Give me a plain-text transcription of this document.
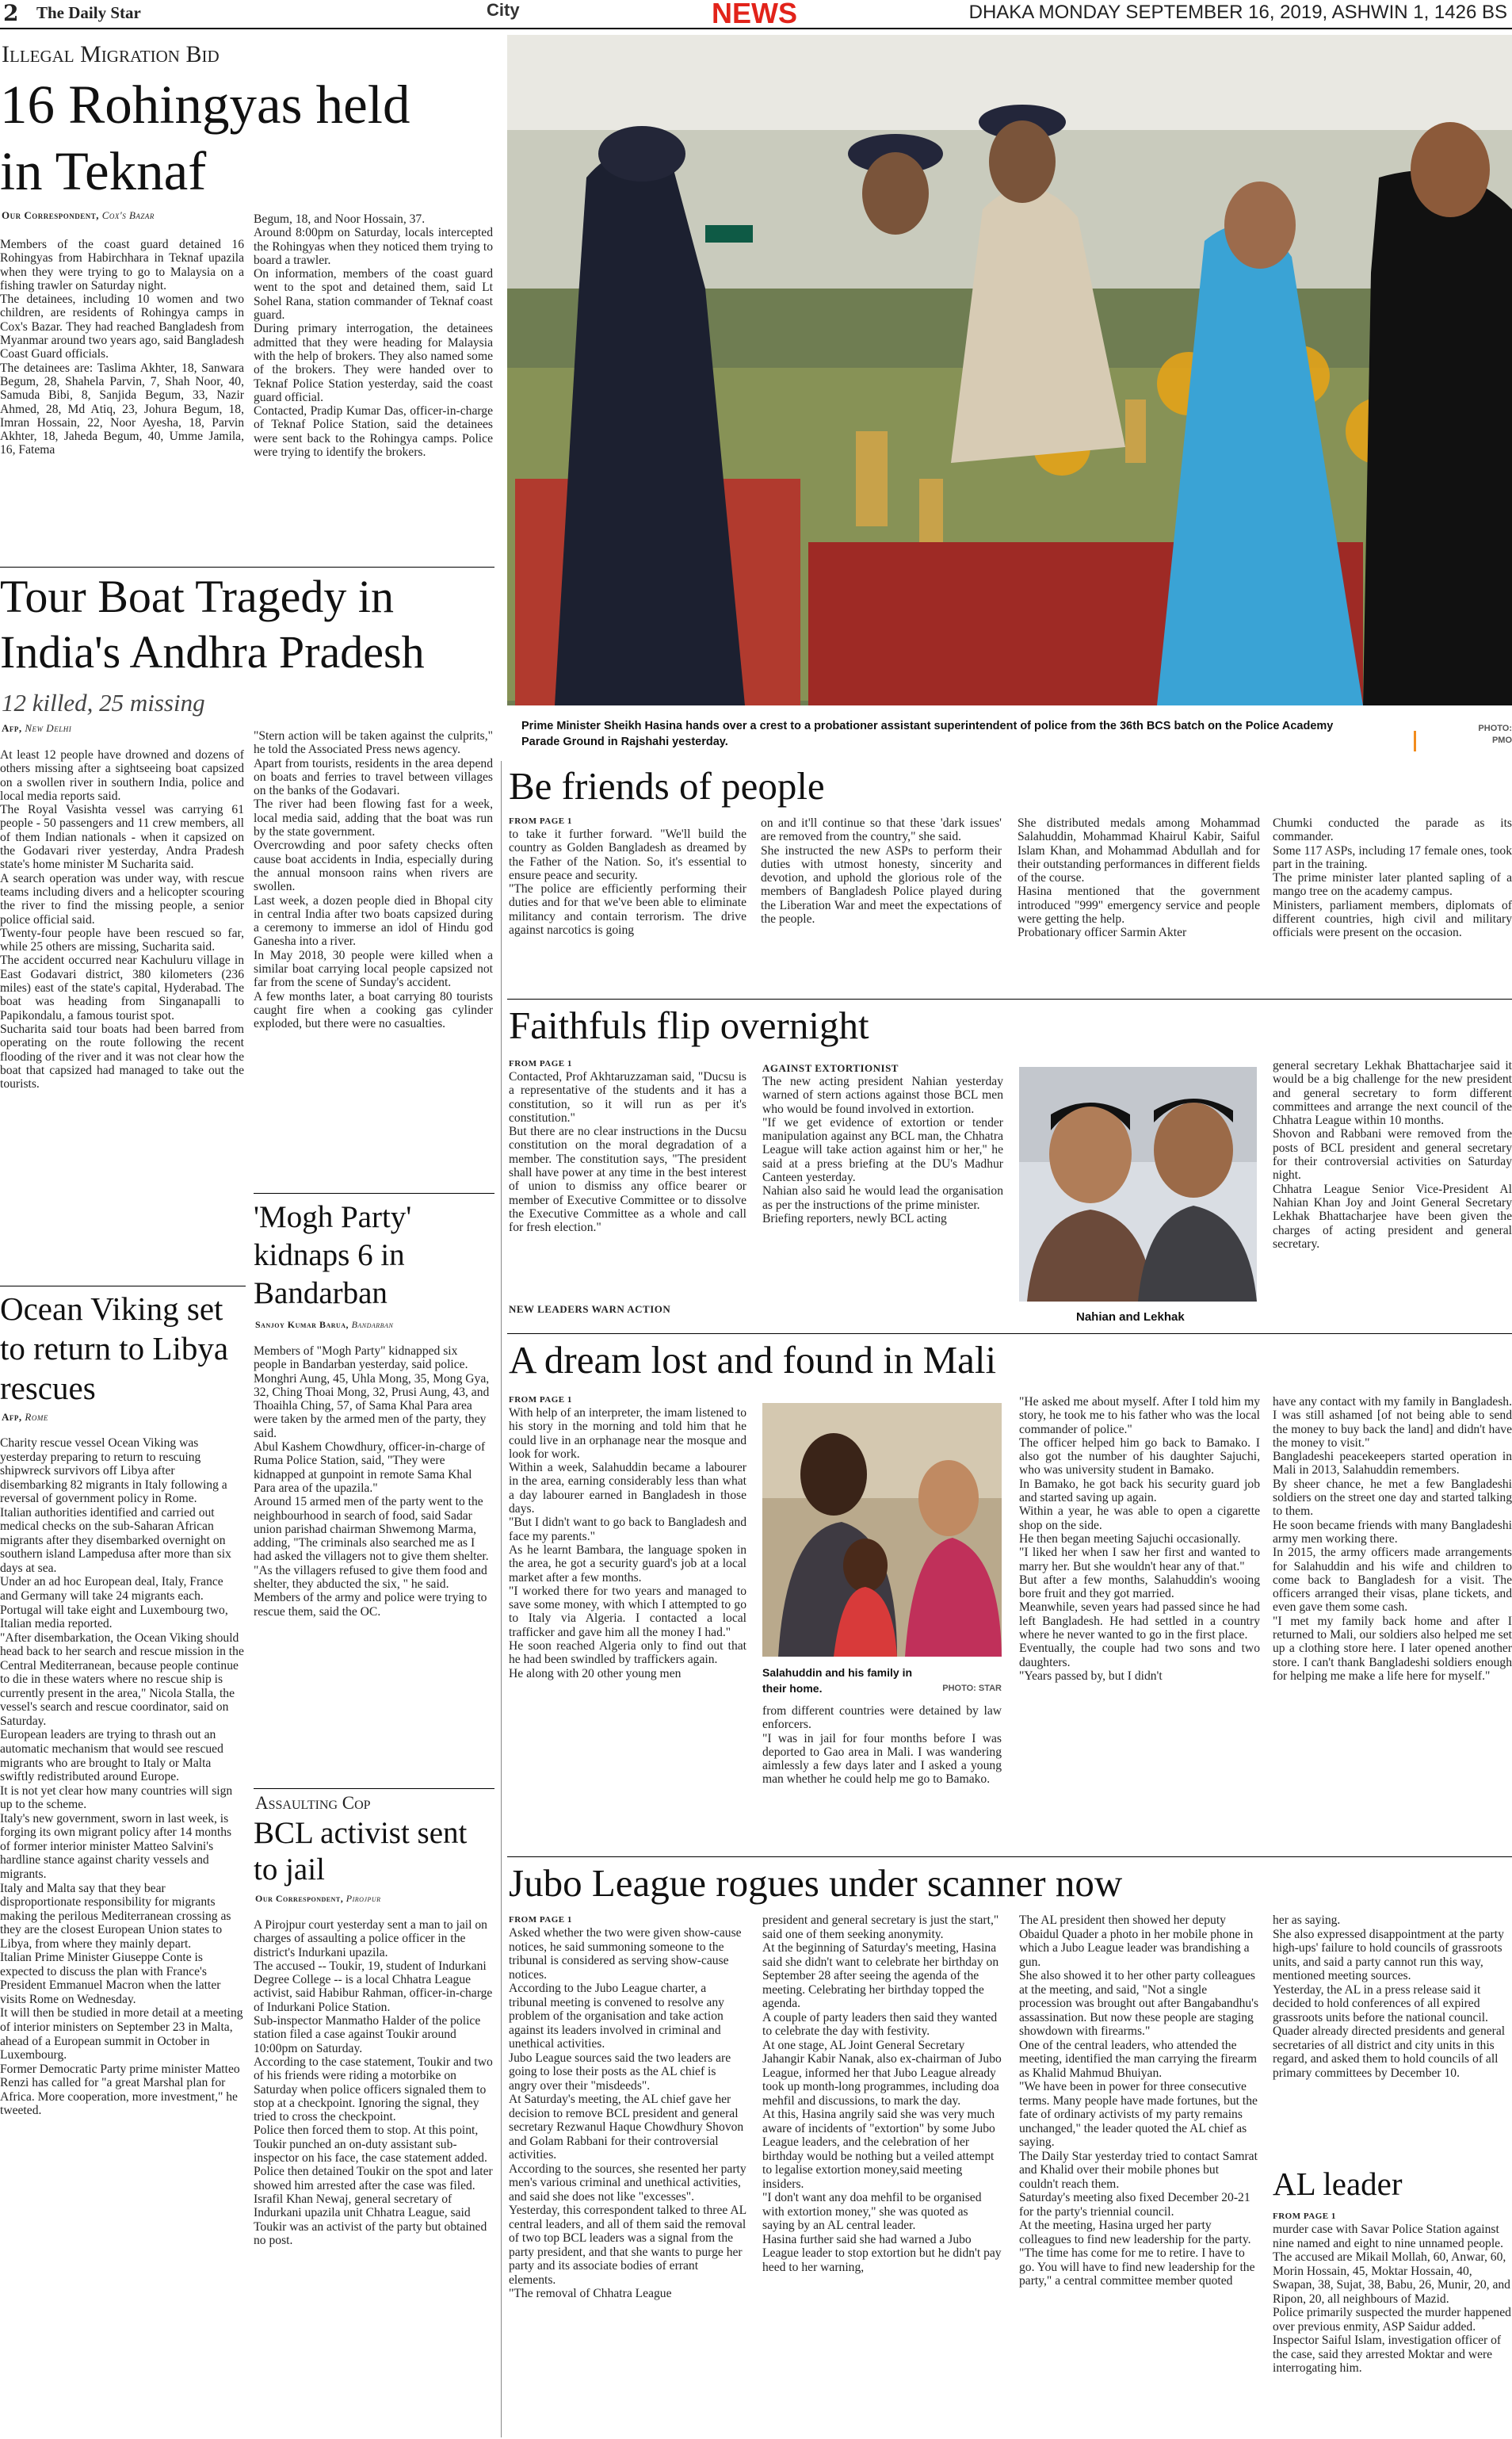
2 The Daily Star	City	NEWS	DHAKA MONDAY SEPTEMBER 16, 2019, ASHWIN 1, 1426 BS
Illegal Migration Bid
16 Rohingyas held in Teknaf
Our Correspondent, Cox's Bazar
Members of the coast guard detained 16 Rohingyas from Habirchhara in Teknaf upazila when they were trying to go to Malaysia on a fishing trawler on Saturday night.
The detainees, including 10 women and two children, are residents of Rohingya camps in Cox's Bazar. They had reached Bangladesh from Myanmar around two years ago, said Bangladesh Coast Guard officials.
The detainees are: Taslima Akhter, 18, Sanwara Begum, 28, Shahela Parvin, 7, Shah Noor, 40, Samuda Bibi, 8, Sanjida Begum, 33, Nazir Ahmed, 28, Md Atiq, 23, Johura Begum, 18, Imran Hossain, 22, Noor Ayesha, 18, Parvin Akhter, 18, Jaheda Begum, 40, Umme Jamila, 16, Fatema
Begum, 18, and Noor Hossain, 37.
Around 8:00pm on Saturday, locals intercepted the Rohingyas when they noticed them trying to board a trawler.
On information, members of the coast guard went to the spot and detained them, said Lt Sohel Rana, station commander of Teknaf coast guard.
During primary interrogation, the detainees admitted that they were heading for Malaysia with the help of brokers. They also named some of the brokers. They were handed over to Teknaf Police Station yesterday, said the coast guard official.
Contacted, Pradip Kumar Das, officer-in-charge of Teknaf Police Station, said the detainees were sent back to the Rohingya camps. Police were trying to identify the brokers.
Tour Boat Tragedy in India's Andhra Pradesh
12 killed, 25 missing
Afp, New Delhi
At least 12 people have drowned and dozens of others missing after a sightseeing boat capsized on a swollen river in southern India, police and local media reports said.
The Royal Vasishta vessel was carrying 61 people - 50 passengers and 11 crew members, all of them Indian nationals - when it capsized on the Godavari river yesterday, Andra Pradesh state's home minister M Sucharita said.
A search operation was under way, with rescue teams including divers and a helicopter scouring the river to find the missing people, a senior police official said.
Twenty-four people have been rescued so far, while 25 others are missing, Sucharita said.
The accident occurred near Kachuluru village in East Godavari district, 380 kilometers (236 miles) east of the state's capital, Hyderabad. The boat was heading from Singanapalli to Papikondalu, a famous tourist spot.
Sucharita said tour boats had been barred from operating on the route following the recent flooding of the river and it was not clear how the boat that capsized had managed to take out the tourists.
"Stern action will be taken against the culprits," he told the Associated Press news agency.
Apart from tourists, residents in the area depend on boats and ferries to travel between villages on the banks of the Godavari.
The river had been flowing fast for a week, local media said, adding that the boat was run by the state government.
Overcrowding and poor safety checks often cause boat accidents in India, especially during the annual monsoon rains when rivers are swollen.
Last week, a dozen people died in Bhopal city in central India after two boats capsized during a ceremony to immerse an idol of Hindu god Ganesha into a river.
In May 2018, 30 people were killed when a similar boat carrying local people capsized not far from the scene of Sunday's accident.
A few months later, a boat carrying 80 tourists caught fire when a cooking gas cylinder exploded, but there were no casualties.
Ocean Viking set to return to Libya rescues
Afp, Rome
Charity rescue vessel Ocean Viking was yesterday preparing to return to rescuing shipwreck survivors off Libya after disembarking 82 migrants in Italy following a reversal of government policy in Rome.
Italian authorities identified and carried out medical checks on the sub-Saharan African migrants after they disembarked overnight on southern island Lampedusa after more than six days at sea.
Under an ad hoc European deal, Italy, France and Germany will take 24 migrants each. Portugal will take eight and Luxembourg two, Italian media reported.
"After disembarkation, the Ocean Viking should head back to her search and rescue mission in the Central Mediterranean, because people continue to die in these waters where no rescue ship is currently present in the area," Nicola Stalla, the vessel's search and rescue coordinator, said on Saturday.
European leaders are trying to thrash out an automatic mechanism that would see rescued migrants who are brought to Italy or Malta swiftly redistributed around Europe.
It is not yet clear how many countries will sign up to the scheme.
Italy's new government, sworn in last week, is forging its own migrant policy after 14 months of former interior minister Matteo Salvini's hardline stance against charity vessels and migrants.
Italy and Malta say that they bear disproportionate responsibility for migrants making the perilous Mediterranean crossing as they are the closest European Union states to Libya, from where they mainly depart.
Italian Prime Minister Giuseppe Conte is expected to discuss the plan with France's President Emmanuel Macron when the latter visits Rome on Wednesday.
It will then be studied in more detail at a meeting of interior ministers on September 23 in Malta, ahead of a European summit in October in Luxembourg.
Former Democratic Party prime minister Matteo Renzi has called for "a great Marshal plan for Africa. More cooperation, more investment," he tweeted.
'Mogh Party' kidnaps 6 in Bandarban
Sanjoy Kumar Barua, Bandarban
Members of "Mogh Party" kidnapped six people in Bandarban yesterday, said police.
Monghri Aung, 45, Uhla Mong, 35, Mong Gya, 32, Ching Thoai Mong, 32, Prusi Aung, 43, and Thoaihla Ching, 57, of Sama Khal Para area were taken by the armed men of the party, they said.
Abul Kashem Chowdhury, officer-in-charge of Ruma Police Station, said, "They were kidnapped at gunpoint in remote Sama Khal Para area of the upazila."
Around 15 armed men of the party went to the neighbourhood in search of food, said Sadar union parishad chairman Shwemong Marma, adding, "The criminals also searched me as I had asked the villagers not to give them shelter.
"As the villagers refused to give them food and shelter, they abducted the six, " he said.
Members of the army and police were trying to rescue them, said the OC.
Assaulting Cop
BCL activist sent to jail
Our Correspondent, Pirojpur
A Pirojpur court yesterday sent a man to jail on charges of assaulting a police officer in the district's Indurkani upazila.
The accused -- Toukir, 19, student of Indurkani Degree College -- is a local Chhatra League activist, said Habibur Rahman, officer-in-charge of Indurkani Police Station.
Sub-inspector Manmatho Halder of the police station filed a case against Toukir around 10:00pm on Saturday.
According to the case statement, Toukir and two of his friends were riding a motorbike on Saturday when police officers signaled them to stop at a checkpoint. Ignoring the signal, they tried to cross the checkpoint.
Police then forced them to stop. At this point, Toukir punched an on-duty assistant sub-inspector on his face, the case statement added.
Police then detained Toukir on the spot and later showed him arrested after the case was filed.
Israfil Khan Newaj, general secretary of Indurkani upazila unit Chhatra League, said Toukir was an activist of the party but obtained no post.
Prime Minister Sheikh Hasina hands over a crest to a probationer assistant superintendent of police from the 36th BCS batch on the Police Academy Parade Ground in Rajshahi yesterday.
PHOTO:
PMO
Be friends of people
FROM PAGE 1
to take it further forward. "We'll build the country as Golden Bangladesh as dreamed by the Father of the Nation. So, it's essential to ensure peace and security.
"The police are efficiently performing their duties and for that we've been able to eliminate militancy and contain terrorism. The drive against narcotics is going
on and it'll continue so that these 'dark issues' are removed from the country," she said.
She instructed the new ASPs to perform their duties with utmost honesty, sincerity and devotion, and uphold the glorious role of the members of Bangladesh Police played during the Liberation War and meet the expectations of the people.
She distributed medals among Mohammad Salahuddin, Mohammad Khairul Kabir, Saiful Islam Khan, and Mohammad Abdullah and for their outstanding performances in different fields of the course.
Hasina mentioned that the government introduced "999" emergency service and people were getting the help.
Probationary officer Sarmin Akter
Chumki conducted the parade as its commander.
Some 117 ASPs, including 17 female ones, took part in the training.
The prime minister later planted sapling of a mango tree on the academy campus.
Ministers, parliament members, diplomats of different countries, high civil and military officials were present on the occasion.
Faithfuls flip overnight
FROM PAGE 1
Contacted, Prof Akhtaruzzaman said, "Ducsu is a representative of the students and it has a constitution, so it will run as per it's constitution."
But there are no clear instructions in the Ducsu constitution on the moral degradation of a member. The constitution says, "The president shall have power at any time in the best interest of union to dismiss any office bearer or member of Executive Committee or to dissolve the Executive Committee as a whole and call for fresh election."
NEW LEADERS WARN ACTION
AGAINST EXTORTIONIST
The new acting president Nahian yesterday warned of stern actions against those BCL men who would be found involved in extortion.
"If we get evidence of extortion or tender manipulation against any BCL man, the Chhatra League will take action against him or her," he said at a press briefing at the DU's Madhur Canteen yesterday.
Nahian also said he would lead the organisation as per the instructions of the prime minister.
Briefing reporters, newly BCL acting
Nahian and Lekhak
general secretary Lekhak Bhattacharjee said it would be a big challenge for the new president and general secretary to form different committees and arrange the next council of the Chhatra League within 10 months.
Shovon and Rabbani were removed from the posts of BCL president and general secretary for their controversial activities on Saturday night.
Chhatra League Senior Vice-President Al Nahian Khan Joy and Joint General Secretary Lekhak Bhattacharjee have been given the charges of acting president and general secretary.
A dream lost and found in Mali
FROM PAGE 1
With help of an interpreter, the imam listened to his story in the morning and told him that he could live in an orphanage near the mosque and look for work.
Within a week, Salahuddin became a labourer in the area, earning considerably less than what a day labourer earned in Bangladesh in those days.
"But I didn't want to go back to Bangladesh and face my parents."
As he learnt Bambara, the language spoken in the area, he got a security guard's job at a local market after a few months.
"I worked there for two years and managed to save some money, with which I attempted to go to Italy via Algeria. I contacted a local trafficker and gave him all the money I had."
He soon reached Algeria only to find out that he had been swindled by traffickers again.
He along with 20 other young men	Salahuddin and his family in their home.	PHOTO: STAR
from different countries were detained by law enforcers.
"I was in jail for four months before I was deported to Gao area in Mali. I was wandering aimlessly a few days later and I asked a young man whether he could help me go to Bamako.
"He asked me about myself. After I told him my story, he took me to his father who was the local commander of police."
The officer helped him go back to Bamako. I also got the number of his daughter Sajuchi, who was university student in Bamako.
In Bamako, he got back his security guard job and started saving up again.
Within a year, he was able to open a cigarette shop on the side.
He then began meeting Sajuchi occasionally.
"I liked her when I saw her first and wanted to marry her. But she wouldn't hear any of that."
But after a few months, Salahuddin's wooing bore fruit and they got married.
Meanwhile, seven years had passed since he had left Bangladesh. He had settled in a country where he never wanted to go in the first place.
Eventually, the couple had two sons and two daughters.
"Years passed by, but I didn't
have any contact with my family in Bangladesh. I was still ashamed [of not being able to send the money to buy back the land] and didn't have the money to visit."
Bangladeshi peacekeepers started operation in Mali in 2013, Salahuddin remembers.
By sheer chance, he met a few Bangladeshi soldiers on the street one day and started talking to them.
He soon became friends with many Bangladeshi army men working there.
In 2015, the army officers made arrangements for Salahuddin and his wife and children to come back to Bangladesh for a visit. The officers arranged their visas, plane tickets, and even gave them some cash.
"I met my family back home and after I returned to Mali, our soldiers also helped me set up a clothing store here. I later opened another store. I can't thank Bangladeshi soldiers enough for helping me make a life here for myself."
Jubo League rogues under scanner now
FROM PAGE 1
Asked whether the two were given show-cause notices, he said summoning someone to the tribunal is considered as serving show-cause notices.
According to the Jubo League charter, a tribunal meeting is convened to resolve any problem of the organisation and take action against its leaders involved in criminal and unethical activities.
Jubo League sources said the two leaders are going to lose their posts as the AL chief is angry over their "misdeeds".
At Saturday's meeting, the AL chief gave her decision to remove BCL president and general secretary Rezwanul Haque Chowdhury Shovon and Golam Rabbani for their controversial activities.
According to the sources, she resented her party men's various criminal and unethical activities, and said she does not like "excesses".
Yesterday, this correspondent talked to three AL central leaders, and all of them said the removal of two top BCL leaders was a signal from the party president, and that she wants to purge her party and its associate bodies of errant elements.
"The removal of Chhatra League
president and general secretary is just the start," said one of them seeking anonymity.
At the beginning of Saturday's meeting, Hasina said she didn't want to celebrate her birthday on September 28 after seeing the agenda of the meeting. Celebrating her birthday topped the agenda.
A couple of party leaders then said they wanted to celebrate the day with festivity.
At one stage, AL Joint General Secretary Jahangir Kabir Nanak, also ex-chairman of Jubo League, informed her that Jubo League already took up month-long programmes, including doa mehfil and discussions, to mark the day.
At this, Hasina angrily said she was very much aware of incidents of "extortion" by some Jubo League leaders, and the celebration of her birthday would be nothing but a veiled attempt to legalise extortion money,said meeting insiders.
"I don't want any doa mehfil to be organised with extortion money," she was quoted as saying by an AL central leader.
Hasina further said she had warned a Jubo League leader to stop extortion but he didn't pay heed to her warning,
The AL president then showed her deputy Obaidul Quader a photo in her mobile phone in which a Jubo League leader was brandishing a gun.
She also showed it to her other party colleagues at the meeting, and said, "Not a single procession was brought out after Bangabandhu's assassination. But now these people are staging showdown with firearms."
One of the central leaders, who attended the meeting, identified the man carrying the firearm as Khalid Mahmud Bhuiyan.
"We have been in power for three consecutive terms. Many people have made fortunes, but the fate of ordinary activists of my party remains unchanged," the leader quoted the AL chief as saying.
The Daily Star yesterday tried to contact Samrat and Khalid over their mobile phones but couldn't reach them.
Saturday's meeting also fixed December 20-21 for the party's triennial council.
At the meeting, Hasina urged her party colleagues to find new leadership for the party.
"The time has come for me to retire. I have to go. You will have to find new leadership for the party," a central committee member quoted
her as saying.
She also expressed disappointment at the party high-ups' failure to hold councils of grassroots units, and said a party cannot run this way, mentioned meeting sources.
Yesterday, the AL in a press release said it decided to hold conferences of all expired grassroots units before the national council.
Quader already directed presidents and general secretaries of all district and city units in this regard, and asked them to hold councils of all primary committees by December 10.
AL leader
FROM PAGE 1
murder case with Savar Police Station against nine named and eight to nine unnamed people.
The accused are Mikail Mollah, 60, Anwar, 60, Morin Hossain, 45, Moktar Hossain, 40, Swapan, 38, Sujat, 38, Babu, 26, Munir, 20, and Ripon, 20, all neighbours of Mazid.
Police primarily suspected the murder happened over previous enmity, ASP Saidur added.
Inspector Saiful Islam, investigation officer of the case, said they arrested Moktar and were interrogating him.
